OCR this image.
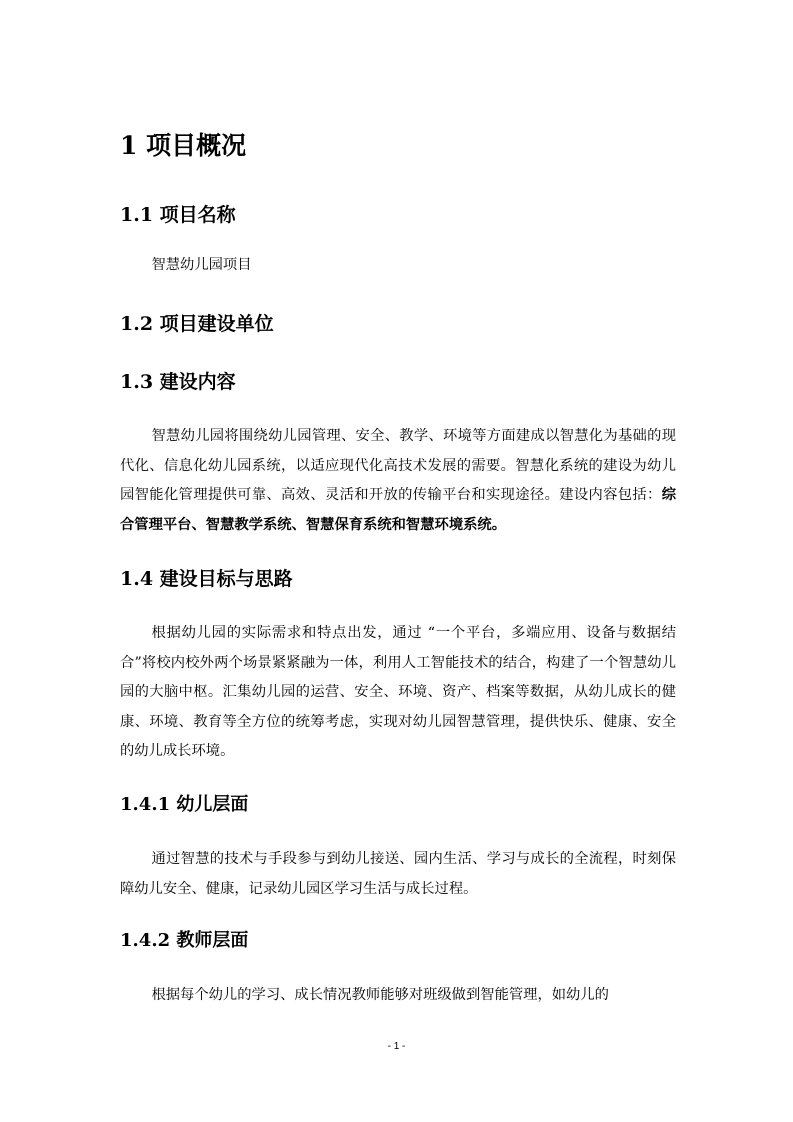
1 项目概况
1.1 项目名称
智慧幼儿园项目
1.2 项目建设单位
1.3 建设内容
智慧幼儿园将围绕幼儿园管理、安全、教学、环境等方面建成以智慧化为基础的现代化、信息化幼儿园系统，以适应现代化高技术发展的需要。智慧化系统的建设为幼儿园智能化管理提供可靠、高效、灵活和开放的传输平台和实现途径。建设内容包括：综合管理平台、智慧教学系统、智慧保育系统和智慧环境系统。
1.4 建设目标与思路
根据幼儿园的实际需求和特点出发，通过 “一个平台，多端应用、设备与数据结合”将校内校外两个场景紧紧融为一体，利用人工智能技术的结合，构建了一个智慧幼儿园的大脑中枢。汇集幼儿园的运营、安全、环境、资产、档案等数据，从幼儿成长的健康、环境、教育等全方位的统筹考虑，实现对幼儿园智慧管理，提供快乐、健康、安全的幼儿成长环境。
1.4.1 幼儿层面
通过智慧的技术与手段参与到幼儿接送、园内生活、学习与成长的全流程，时刻保障幼儿安全、健康，记录幼儿园区学习生活与成长过程。
1.4.2 教师层面
根据每个幼儿的学习、成长情况教师能够对班级做到智能管理，如幼儿的
- 1 -
